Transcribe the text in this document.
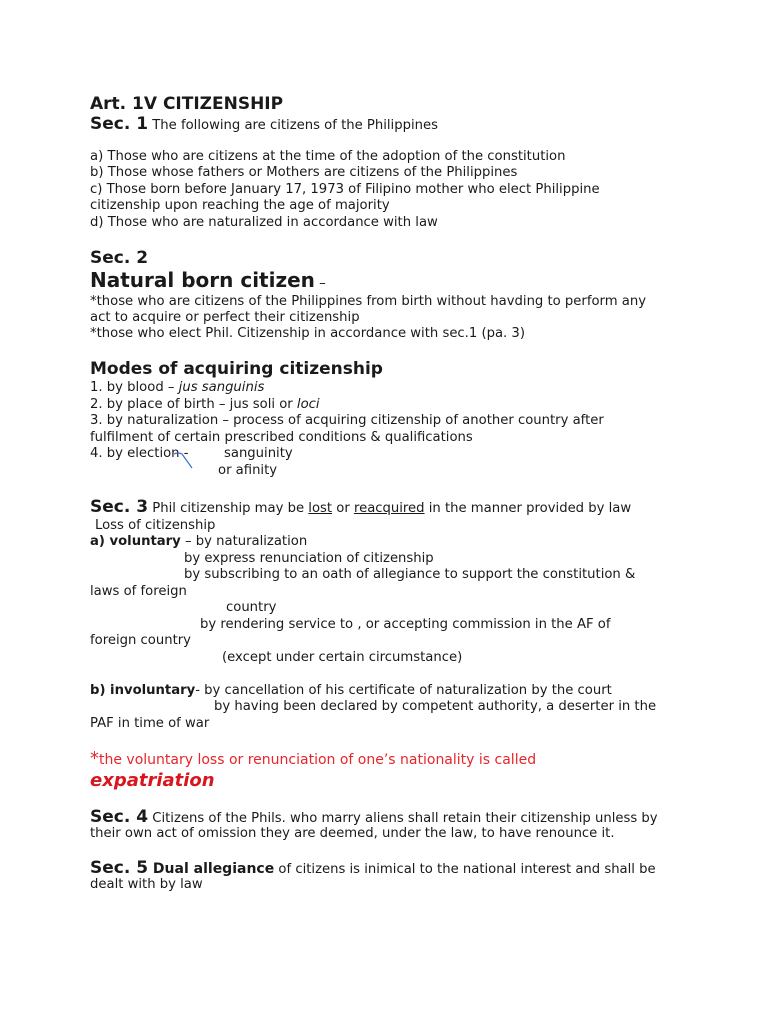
Art. 1V CITIZENSHIP
Sec. 1 The following are citizens of the Philippines
a) Those who are citizens at the time of the adoption of the constitution
b) Those whose fathers or Mothers are citizens of the Philippines
c) Those born before January 17, 1973 of Filipino mother who elect Philippine
citizenship upon reaching the age of majority
d) Those who are naturalized in accordance with law
Sec. 2
Natural born citizen –
*those who are citizens of the Philippines from birth without havding to perform any
act to acquire or perfect their citizenship
*those who elect Phil. Citizenship in accordance with sec.1 (pa. 3)
Modes of acquiring citizenship
1. by blood – jus sanguinis
2. by place of birth – jus soli or loci
3. by naturalization – process of acquiring citizenship of another country after
fulfilment of certain prescribed conditions & qualifications
4. by election -	sanguinity
or afinity
Sec. 3 Phil citizenship may be lost or reacquired in the manner provided by law
Loss of citizenship
a) voluntary – by naturalization
by express renunciation of citizenship
by subscribing to an oath of allegiance to support the constitution &
laws of foreign
country
by rendering service to , or accepting commission in the AF of
foreign country
(except under certain circumstance)
b) involuntary- by cancellation of his certificate of naturalization by the court
by having been declared by competent authority, a deserter in the
PAF in time of war
*the voluntary loss or renunciation of one’s nationality is called
expatriation
Sec. 4 Citizens of the Phils. who marry aliens shall retain their citizenship unless by
their own act of omission they are deemed, under the law, to have renounce it.
Sec. 5 Dual allegiance of citizens is inimical to the national interest and shall be
dealt with by law
